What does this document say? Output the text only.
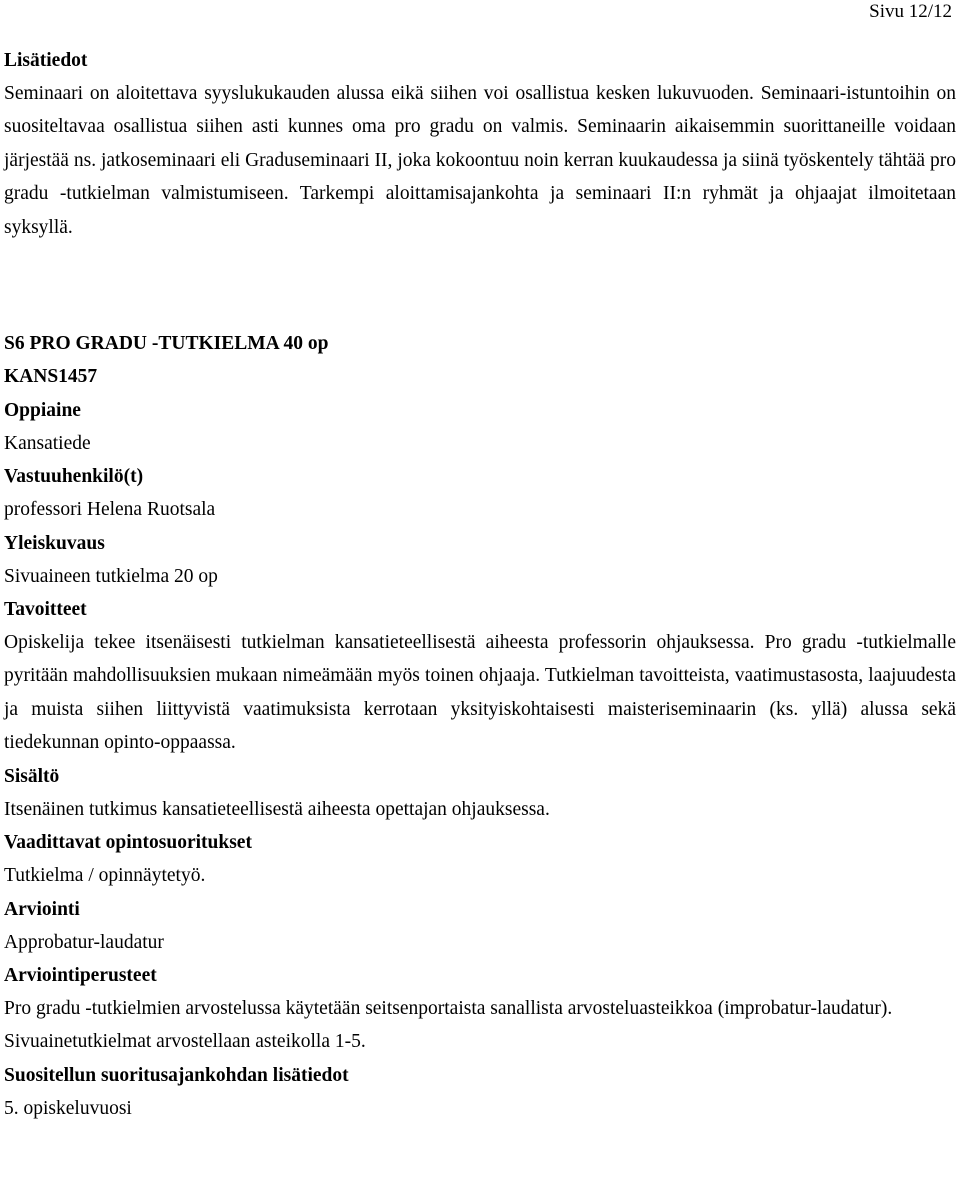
Sivu 12/12

Lisätiedot

Seminaari on aloitettava syyslukukauden alussa eikä siihen voi osallistua kesken lukuvuoden. Seminaari-istuntoihin on suositeltavaa osallistua siihen asti kunnes oma pro gradu on valmis. Seminaarin aikaisemmin suorittaneille voidaan järjestää ns. jatkoseminaari eli Graduseminaari II, joka kokoontuu noin kerran kuukaudessa ja siinä työskentely tähtää pro gradu -tutkielman valmistumiseen. Tarkempi aloittamisajankohta ja seminaari II:n ryhmät ja ohjaajat ilmoitetaan syksyllä.

S6 PRO GRADU -TUTKIELMA 40 op

KANS1457

Oppiaine

Kansatiede

Vastuuhenkilö(t)

professori Helena Ruotsala

Yleiskuvaus

Sivuaineen tutkielma 20 op

Tavoitteet

Opiskelija tekee itsenäisesti tutkielman kansatieteellisestä aiheesta professorin ohjauksessa. Pro gradu -tutkielmalle pyritään mahdollisuuksien mukaan nimeämään myös toinen ohjaaja. Tutkielman tavoitteista, vaatimustasosta, laajuudesta ja muista siihen liittyvistä vaatimuksista kerrotaan yksityiskohtaisesti maisteriseminaarin (ks. yllä) alussa sekä tiedekunnan opinto-oppaassa.

Sisältö

Itsenäinen tutkimus kansatieteellisestä aiheesta opettajan ohjauksessa.

Vaadittavat opintosuoritukset

Tutkielma / opinnäytetyö.

Arviointi

Approbatur-laudatur

Arviointiperusteet

Pro gradu -tutkielmien arvostelussa käytetään seitsenportaista sanallista arvosteluasteikkoa (improbatur-laudatur).

Sivuainetutkielmat arvostellaan asteikolla 1-5.

Suositellun suoritusajankohdan lisätiedot

5. opiskeluvuosi
